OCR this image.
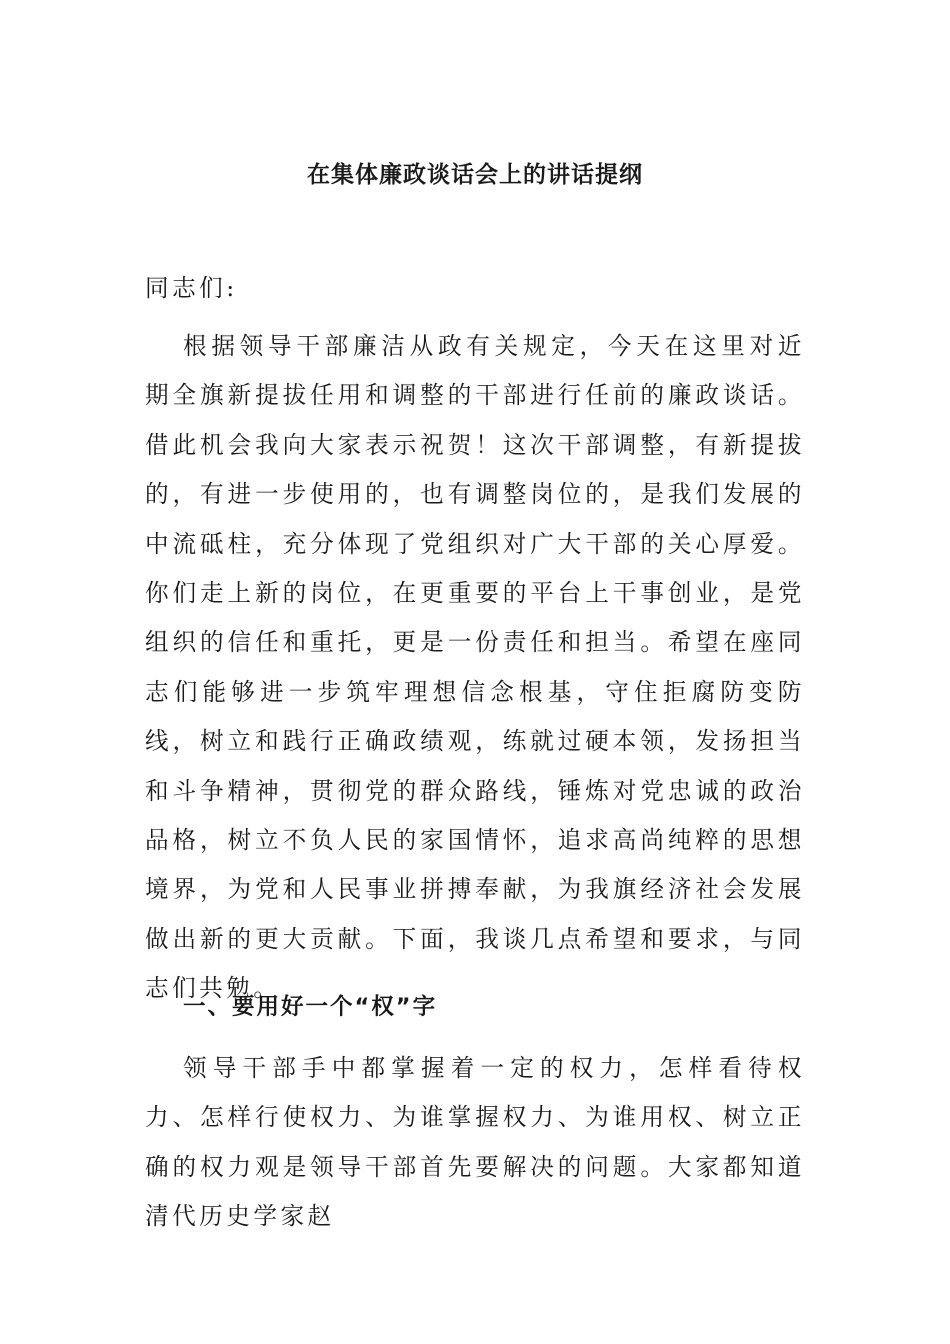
在集体廉政谈话会上的讲话提纲

同志们:

根据领导干部廉洁从政有关规定，今天在这里对近期全旗新提拔任用和调整的干部进行任前的廉政谈话。借此机会我向大家表示祝贺！这次干部调整，有新提拔的，有进一步使用的，也有调整岗位的，是我们发展的中流砥柱，充分体现了党组织对广大干部的关心厚爱。你们走上新的岗位，在更重要的平台上干事创业，是党组织的信任和重托，更是一份责任和担当。希望在座同志们能够进一步筑牢理想信念根基，守住拒腐防变防线，树立和践行正确政绩观，练就过硬本领，发扬担当和斗争精神，贯彻党的群众路线，锤炼对党忠诚的政治品格，树立不负人民的家国情怀，追求高尚纯粹的思想境界，为党和人民事业拼搏奉献，为我旗经济社会发展做出新的更大贡献。下面，我谈几点希望和要求，与同志们共勉。

一、要用好一个“权”字

领导干部手中都掌握着一定的权力，怎样看待权力、怎样行使权力、为谁掌握权力、为谁用权、树立正确的权力观是领导干部首先要解决的问题。大家都知道清代历史学家赵
